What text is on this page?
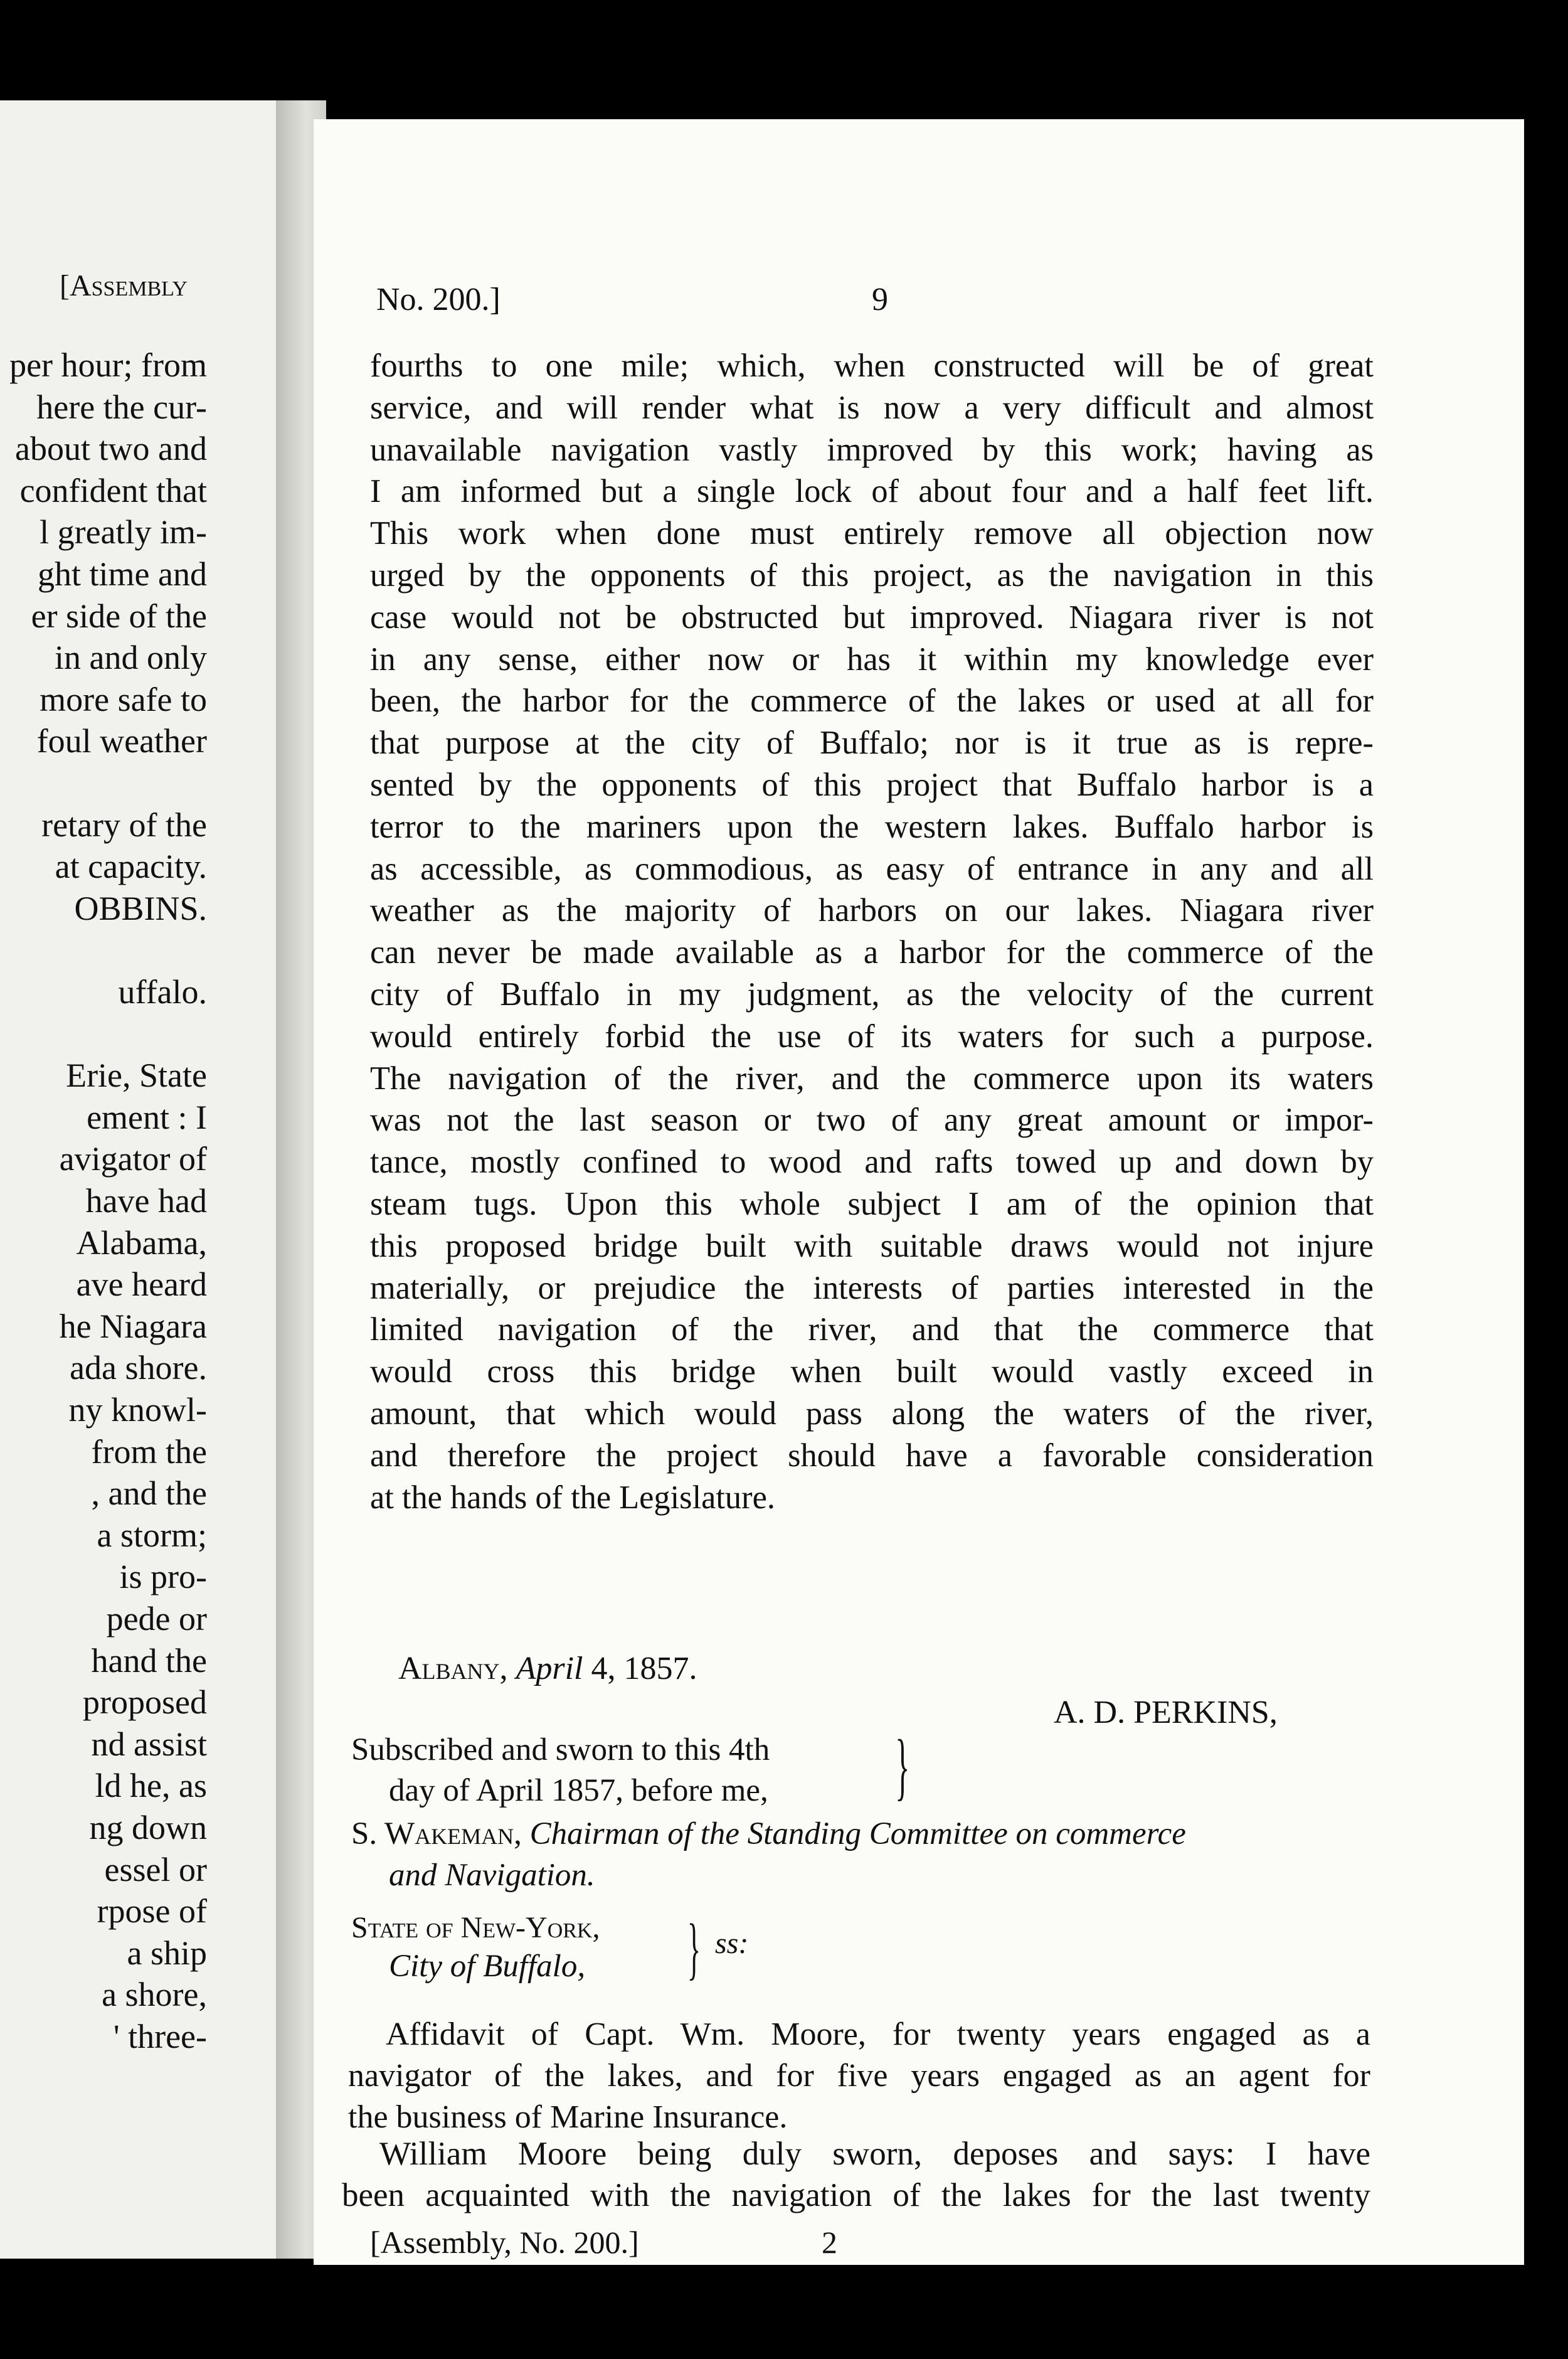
[Assembly
per hour; from
here the cur-
about two and
confident that
l greatly im-
ght time and
er side of the
in and only
more safe to
foul weather
retary of the
at capacity.
OBBINS.
uffalo.
Erie, State
ement : I
avigator of
have had
Alabama,
ave heard
he Niagara
ada shore.
ny knowl-
from the
, and the
a storm;
is pro-
pede or
hand the
proposed
nd assist
ld he, as
ng down
essel or
rpose of
a ship
a shore,
' three-
No. 200.]	9
fourths to one mile; which, when constructed will be of great
service, and will render what is now a very difficult and almost
unavailable navigation vastly improved by this work; having as
I am informed but a single lock of about four and a half feet lift.
This work when done must entirely remove all objection now
urged by the opponents of this project, as the navigation in this
case would not be obstructed but improved. Niagara river is not
in any sense, either now or has it within my knowledge ever
been, the harbor for the commerce of the lakes or used at all for
that purpose at the city of Buffalo; nor is it true as is repre-
sented by the opponents of this project that Buffalo harbor is a
terror to the mariners upon the western lakes. Buffalo harbor is
as accessible, as commodious, as easy of entrance in any and all
weather as the majority of harbors on our lakes. Niagara river
can never be made available as a harbor for the commerce of the
city of Buffalo in my judgment, as the velocity of the current
would entirely forbid the use of its waters for such a purpose.
The navigation of the river, and the commerce upon its waters
was not the last season or two of any great amount or impor-
tance, mostly confined to wood and rafts towed up and down by
steam tugs. Upon this whole subject I am of the opinion that
this proposed bridge built with suitable draws would not injure
materially, or prejudice the interests of parties interested in the
limited navigation of the river, and that the commerce that
would cross this bridge when built would vastly exceed in
amount, that which would pass along the waters of the river,
and therefore the project should have a favorable consideration
at the hands of the Legislature.
Albany, April 4, 1857.
A. D. PERKINS,
Subscribed and sworn to this 4th
day of April 1857, before me, }
S. Wakeman, Chairman of the Standing Committee on commerce
and Navigation.
State of New-York,
City of Buffalo, } ss:
Affidavit of Capt. Wm. Moore, for twenty years engaged as a
navigator of the lakes, and for five years engaged as an agent for
the business of Marine Insurance.
William Moore being duly sworn, deposes and says: I have
been acquainted with the navigation of the lakes for the last twenty
[Assembly, No. 200.]	2
